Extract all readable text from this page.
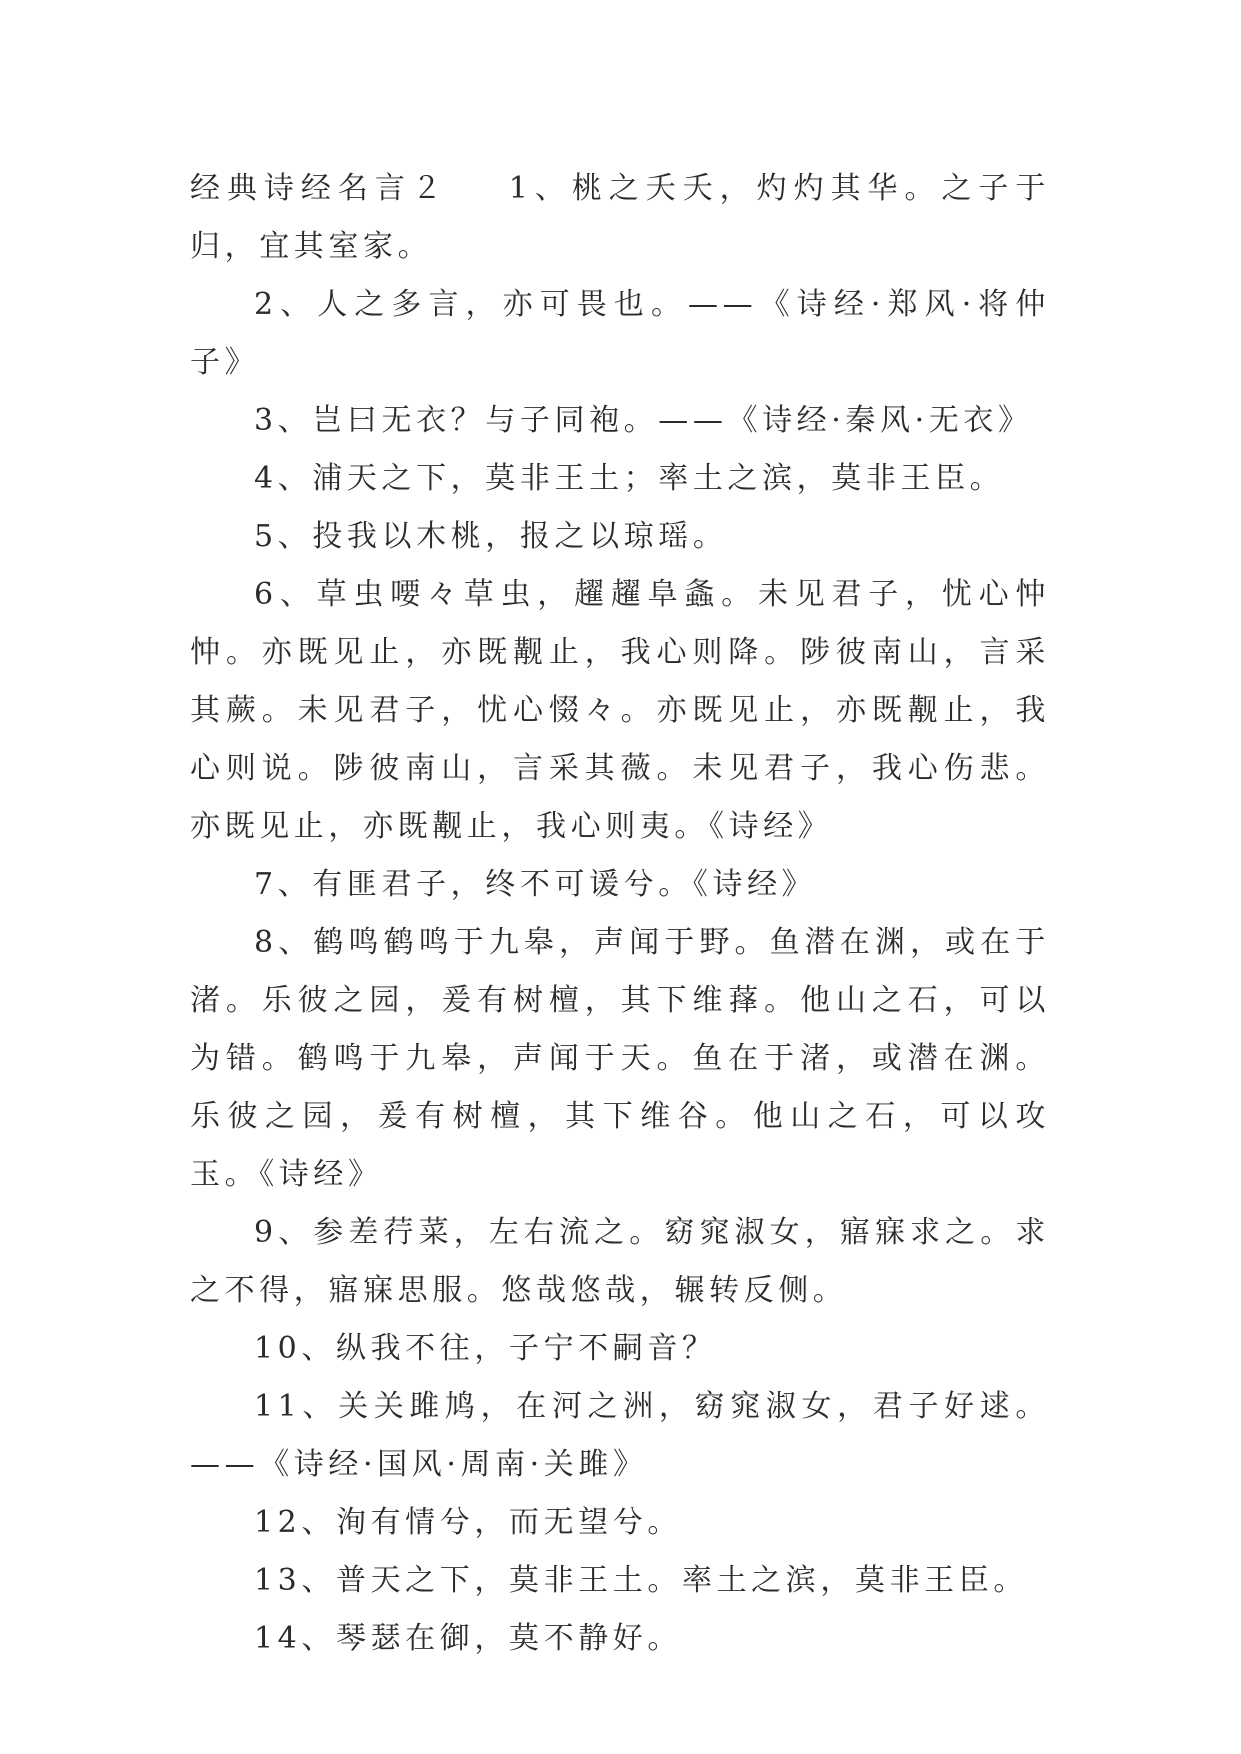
经典诗经名言２ 1、桃之夭夭，灼灼其华。之子于归，宜其室家。

2、人之多言，亦可畏也。——《诗经·郑风·将仲子》

3、岂曰无衣？与子同袍。——《诗经·秦风·无衣》

4、浦天之下，莫非王土；率土之滨，莫非王臣。

5、投我以木桃，报之以琼瑶。

6、草虫喓々草虫，趯趯阜螽。未见君子，忧心忡忡。亦既见止，亦既觏止，我心则降。陟彼南山，言采其蕨。未见君子，忧心惙々。亦既见止，亦既觏止，我心则说。陟彼南山，言采其薇。未见君子，我心伤悲。亦既见止，亦既觏止，我心则夷。《诗经》

7、有匪君子，终不可谖兮。《诗经》

8、鹤鸣鹤鸣于九皋，声闻于野。鱼潜在渊，或在于渚。乐彼之园，爰有树檀，其下维萚。他山之石，可以为错。鹤鸣于九皋，声闻于天。鱼在于渚，或潜在渊。乐彼之园，爰有树檀，其下维谷。他山之石，可以攻玉。《诗经》

9、参差荇菜，左右流之。窈窕淑女，寤寐求之。求之不得，寤寐思服。悠哉悠哉，辗转反侧。

10、纵我不往，子宁不嗣音？

11、关关雎鸠，在河之洲，窈窕淑女，君子好逑。——《诗经·国风·周南·关雎》

12、洵有情兮，而无望兮。

13、普天之下，莫非王土。率土之滨，莫非王臣。

14、琴瑟在御，莫不静好。
